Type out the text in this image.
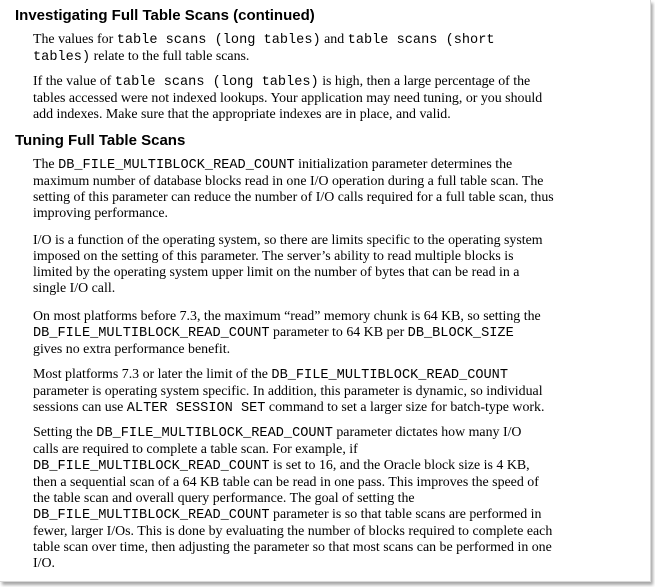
Investigating Full Table Scans (continued)
The values for table scans (long tables) and table scans (short
tables) relate to the full table scans.
If the value of table scans (long tables) is high, then a large percentage of the
tables accessed were not indexed lookups. Your application may need tuning, or you should
add indexes. Make sure that the appropriate indexes are in place, and valid.
Tuning Full Table Scans
The DB_FILE_MULTIBLOCK_READ_COUNT initialization parameter determines the
maximum number of database blocks read in one I/O operation during a full table scan. The
setting of this parameter can reduce the number of I/O calls required for a full table scan, thus
improving performance.
I/O is a function of the operating system, so there are limits specific to the operating system
imposed on the setting of this parameter. The server’s ability to read multiple blocks is
limited by the operating system upper limit on the number of bytes that can be read in a
single I/O call.
On most platforms before 7.3, the maximum “read” memory chunk is 64 KB, so setting the
DB_FILE_MULTIBLOCK_READ_COUNT parameter to 64 KB per DB_BLOCK_SIZE
gives no extra performance benefit.
Most platforms 7.3 or later the limit of the DB_FILE_MULTIBLOCK_READ_COUNT
parameter is operating system specific. In addition, this parameter is dynamic, so individual
sessions can use ALTER SESSION SET command to set a larger size for batch-type work.
Setting the DB_FILE_MULTIBLOCK_READ_COUNT parameter dictates how many I/O
calls are required to complete a table scan. For example, if
DB_FILE_MULTIBLOCK_READ_COUNT is set to 16, and the Oracle block size is 4 KB,
then a sequential scan of a 64 KB table can be read in one pass. This improves the speed of
the table scan and overall query performance. The goal of setting the
DB_FILE_MULTIBLOCK_READ_COUNT parameter is so that table scans are performed in
fewer, larger I/Os. This is done by evaluating the number of blocks required to complete each
table scan over time, then adjusting the parameter so that most scans can be performed in one
I/O.
